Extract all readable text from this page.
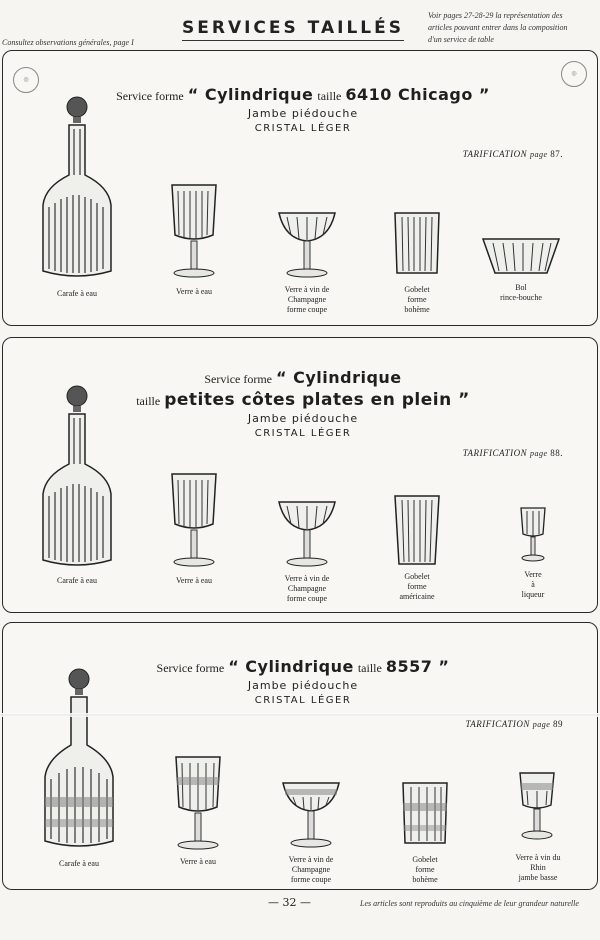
Consultez observations générales, page I
SERVICES TAILLÉS
Voir pages 27-28-29 la représentation des
articles pouvant entrer dans la composition
d'un service de table
◎
◎
Service forme “ Cylindrique taille 6410 Chicago ”
Jambe piédouche
CRISTAL LÉGER
TARIFICATION page 87.
Carafe à eau	Verre à eau	Verre à vin de
Champagne
forme coupe
Gobelet
forme
bohème
Bol
rince-bouche
Service forme “ Cylindrique
taille petites côtes plates en plein ”
Jambe piédouche
CRISTAL LÉGER
TARIFICATION page 88.
Carafe à eau	Verre à eau	Verre à vin de
Champagne
forme coupe
Gobelet
forme
américaine
Verre
à
liqueur
Service forme “ Cylindrique taille 8557 ”
Jambe piédouche
CRISTAL LÉGER
TARIFICATION page 89
Carafe à eau	Verre à eau	Verre à vin de
Champagne
forme coupe
Gobelet
forme
bohème
Verre à vin du
Rhin
jambe basse
— 32 —	Les articles sont reproduits au cinquième de leur grandeur naturelle
